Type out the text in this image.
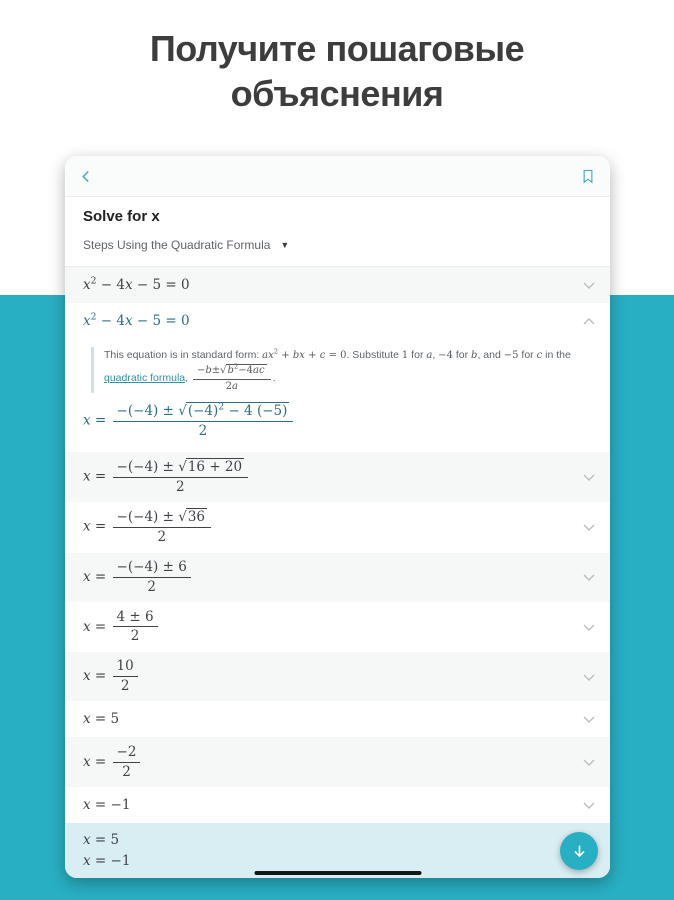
Получите пошаговые объяснения
Solve for x
Steps Using the Quadratic Formula ▼
$x^2 - 4x - 5 = 0$
$x^2 - 4x - 5 = 0$
This equation is in standard form: $ax^2$ + bx + c = 0. Substitute 1 for a, −4 for b, and −5 for c in the quadratic formula, $\frac{-b\pm√b^2-4ac}{2a}$ .
$x = \frac{-(-4) \pm √(-4)^2 - 4 (-5)}{2}$
$x = \frac{-(-4) \pm √16 + 20}{2}$
$x = \frac{-(-4) \pm √36}{2}$
$x = \frac{-(-4) \pm 6}{2}$
$x = \frac{4 \pm 6}{2}$
$x = \frac{10}{2}$
x = 5
$x = \frac{-2}{2}$
x = −1
x = 5
x = −1
